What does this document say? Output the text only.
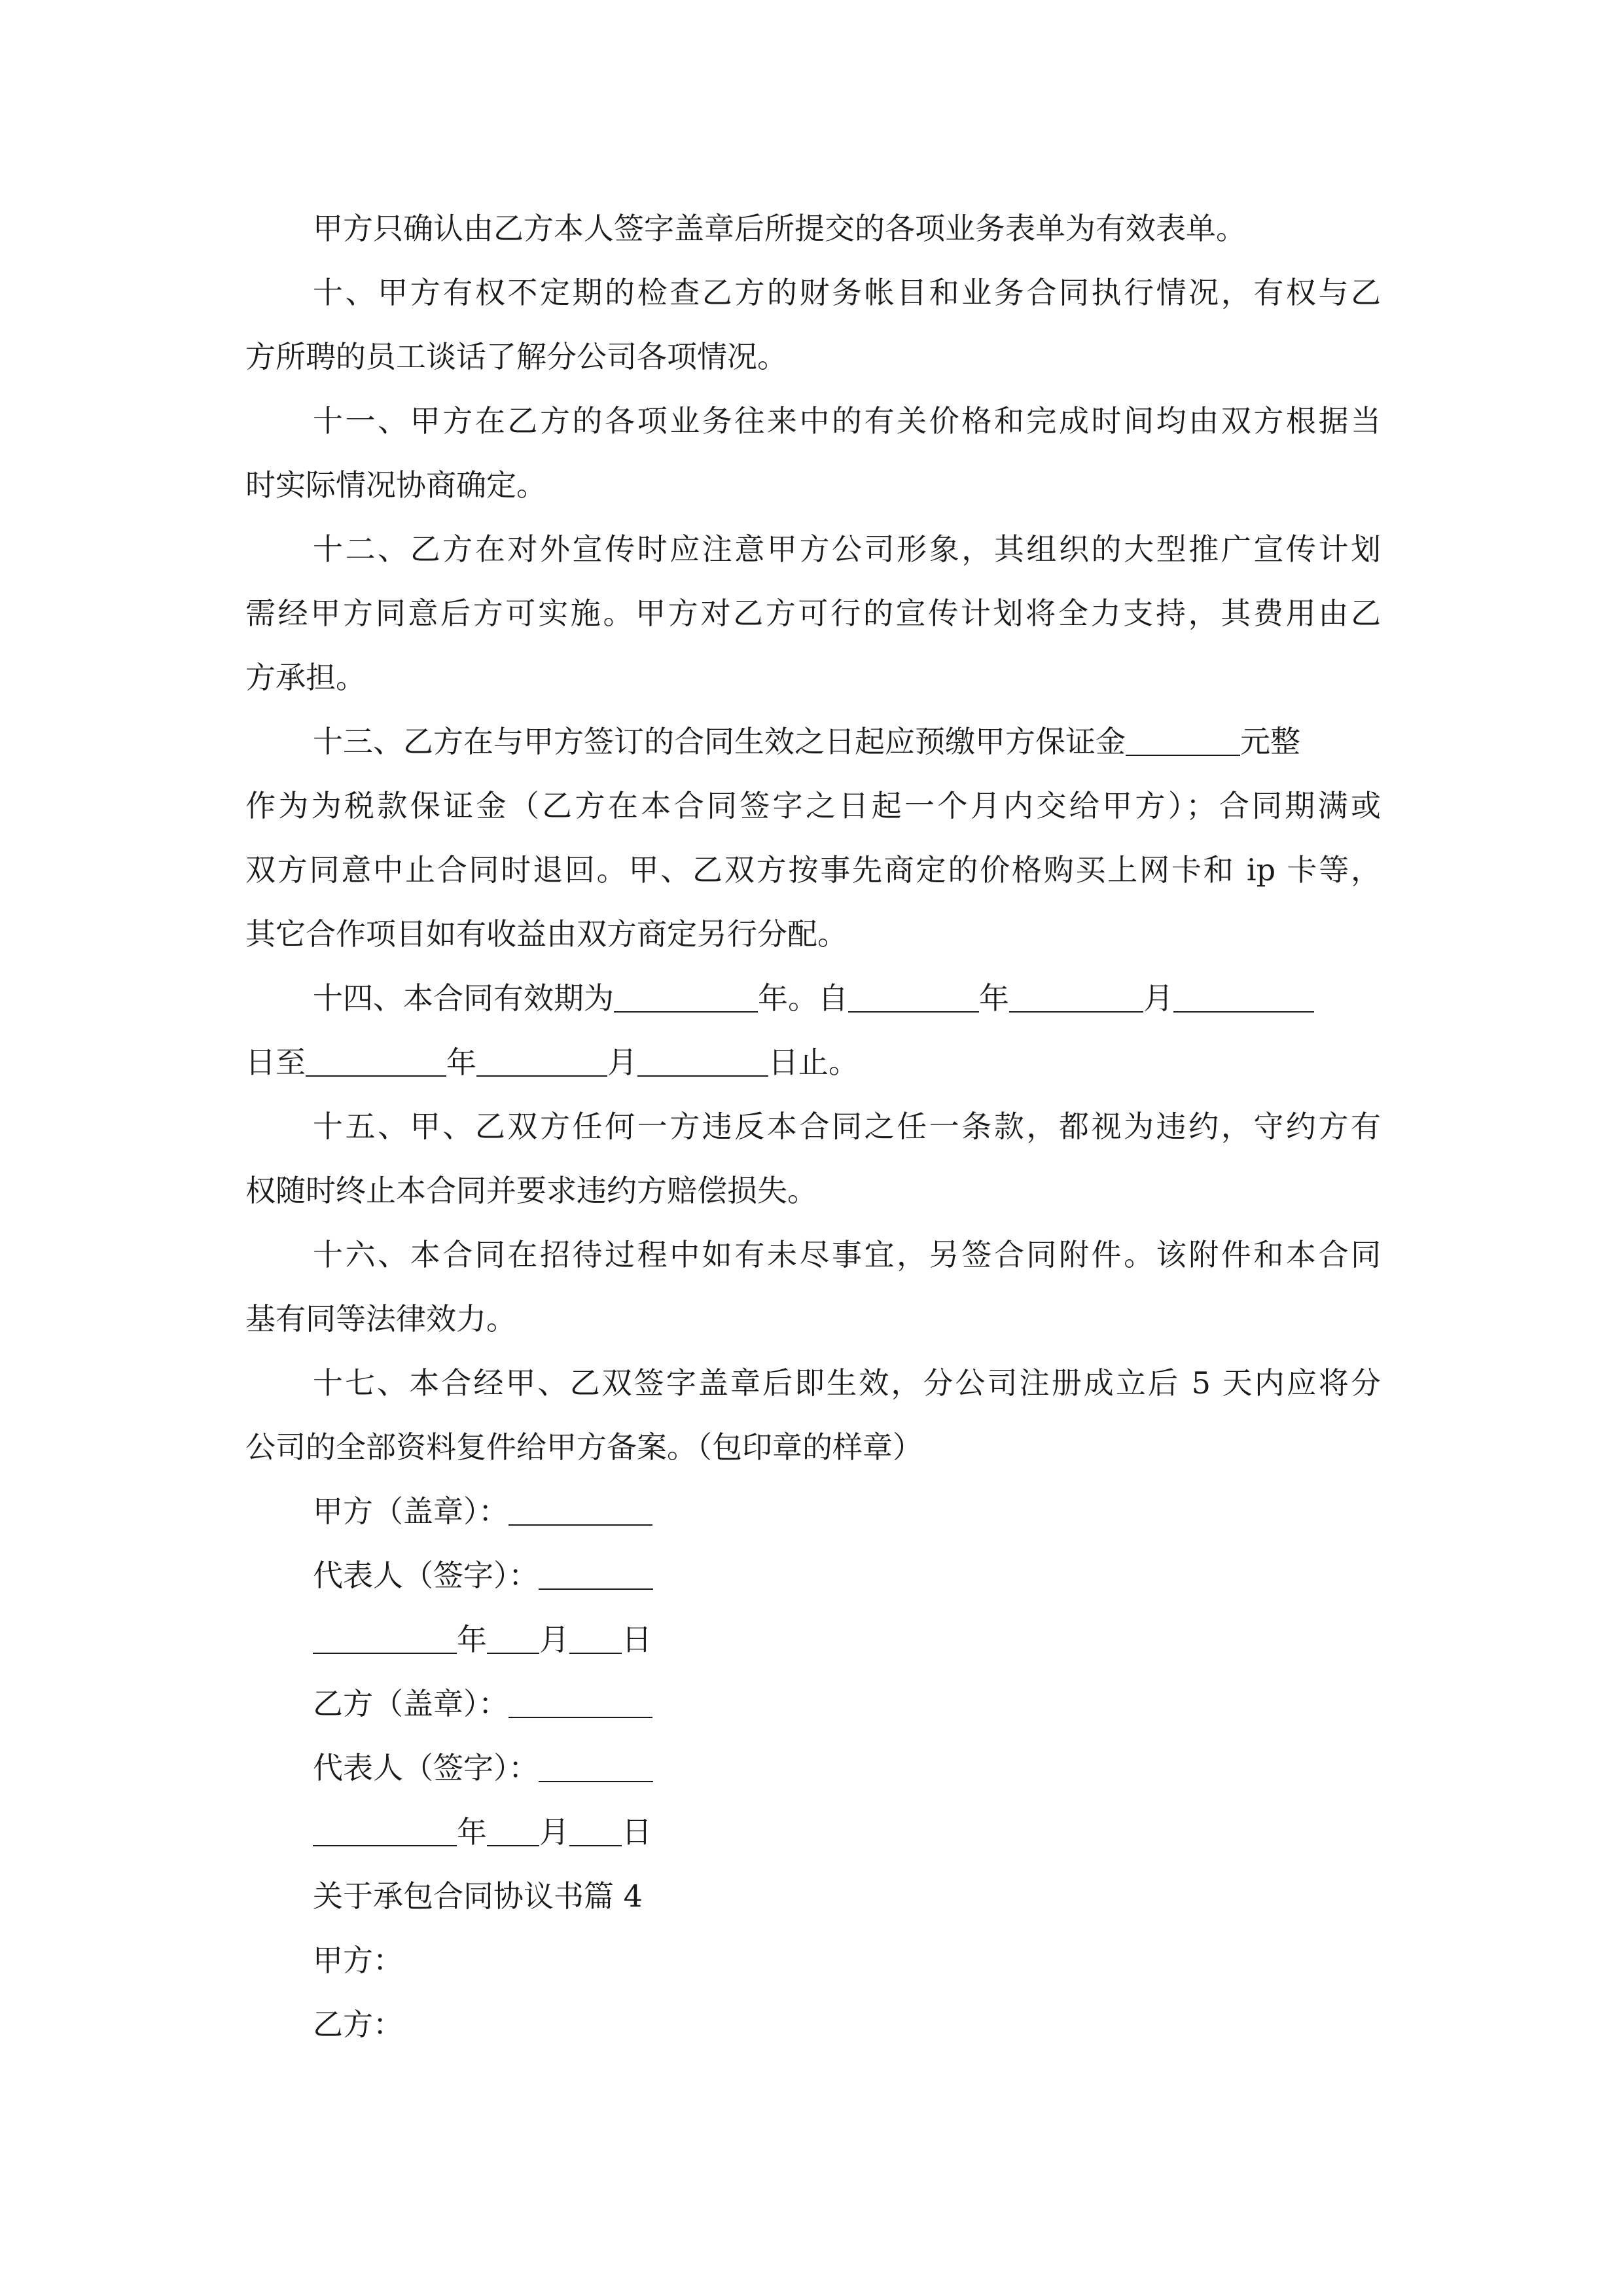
甲方只确认由乙方本人签字盖章后所提交的各项业务表单为有效表单。
十、甲方有权不定期的检查乙方的财务帐目和业务合同执行情况，有权与乙
方所聘的员工谈话了解分公司各项情况。
十一、甲方在乙方的各项业务往来中的有关价格和完成时间均由双方根据当
时实际情况协商确定。
十二、乙方在对外宣传时应注意甲方公司形象，其组织的大型推广宣传计划
需经甲方同意后方可实施。甲方对乙方可行的宣传计划将全力支持，其费用由乙
方承担。
十三、乙方在与甲方签订的合同生效之日起应预缴甲方保证金	元整
作为为税款保证金（乙方在本合同签字之日起一个月内交给甲方）；合同期满或
双方同意中止合同时退回。甲、乙双方按事先商定的价格购买上网卡和 ip 卡等，
其它合作项目如有收益由双方商定另行分配。
十四、本合同有效期为	年。自	年	月
日至	年	月	日止。
十五、甲、乙双方任何一方违反本合同之任一条款，都视为违约，守约方有
权随时终止本合同并要求违约方赔偿损失。
十六、本合同在招待过程中如有未尽事宜，另签合同附件。该附件和本合同
基有同等法律效力。
十七、本合经甲、乙双签字盖章后即生效，分公司注册成立后 5 天内应将分
公司的全部资料复件给甲方备案。（包印章的样章）
甲方（盖章）：
代表人（签字）：
年 月 日
乙方（盖章）：
代表人（签字）：
年 月 日
关于承包合同协议书篇 4
甲方：
乙方：
